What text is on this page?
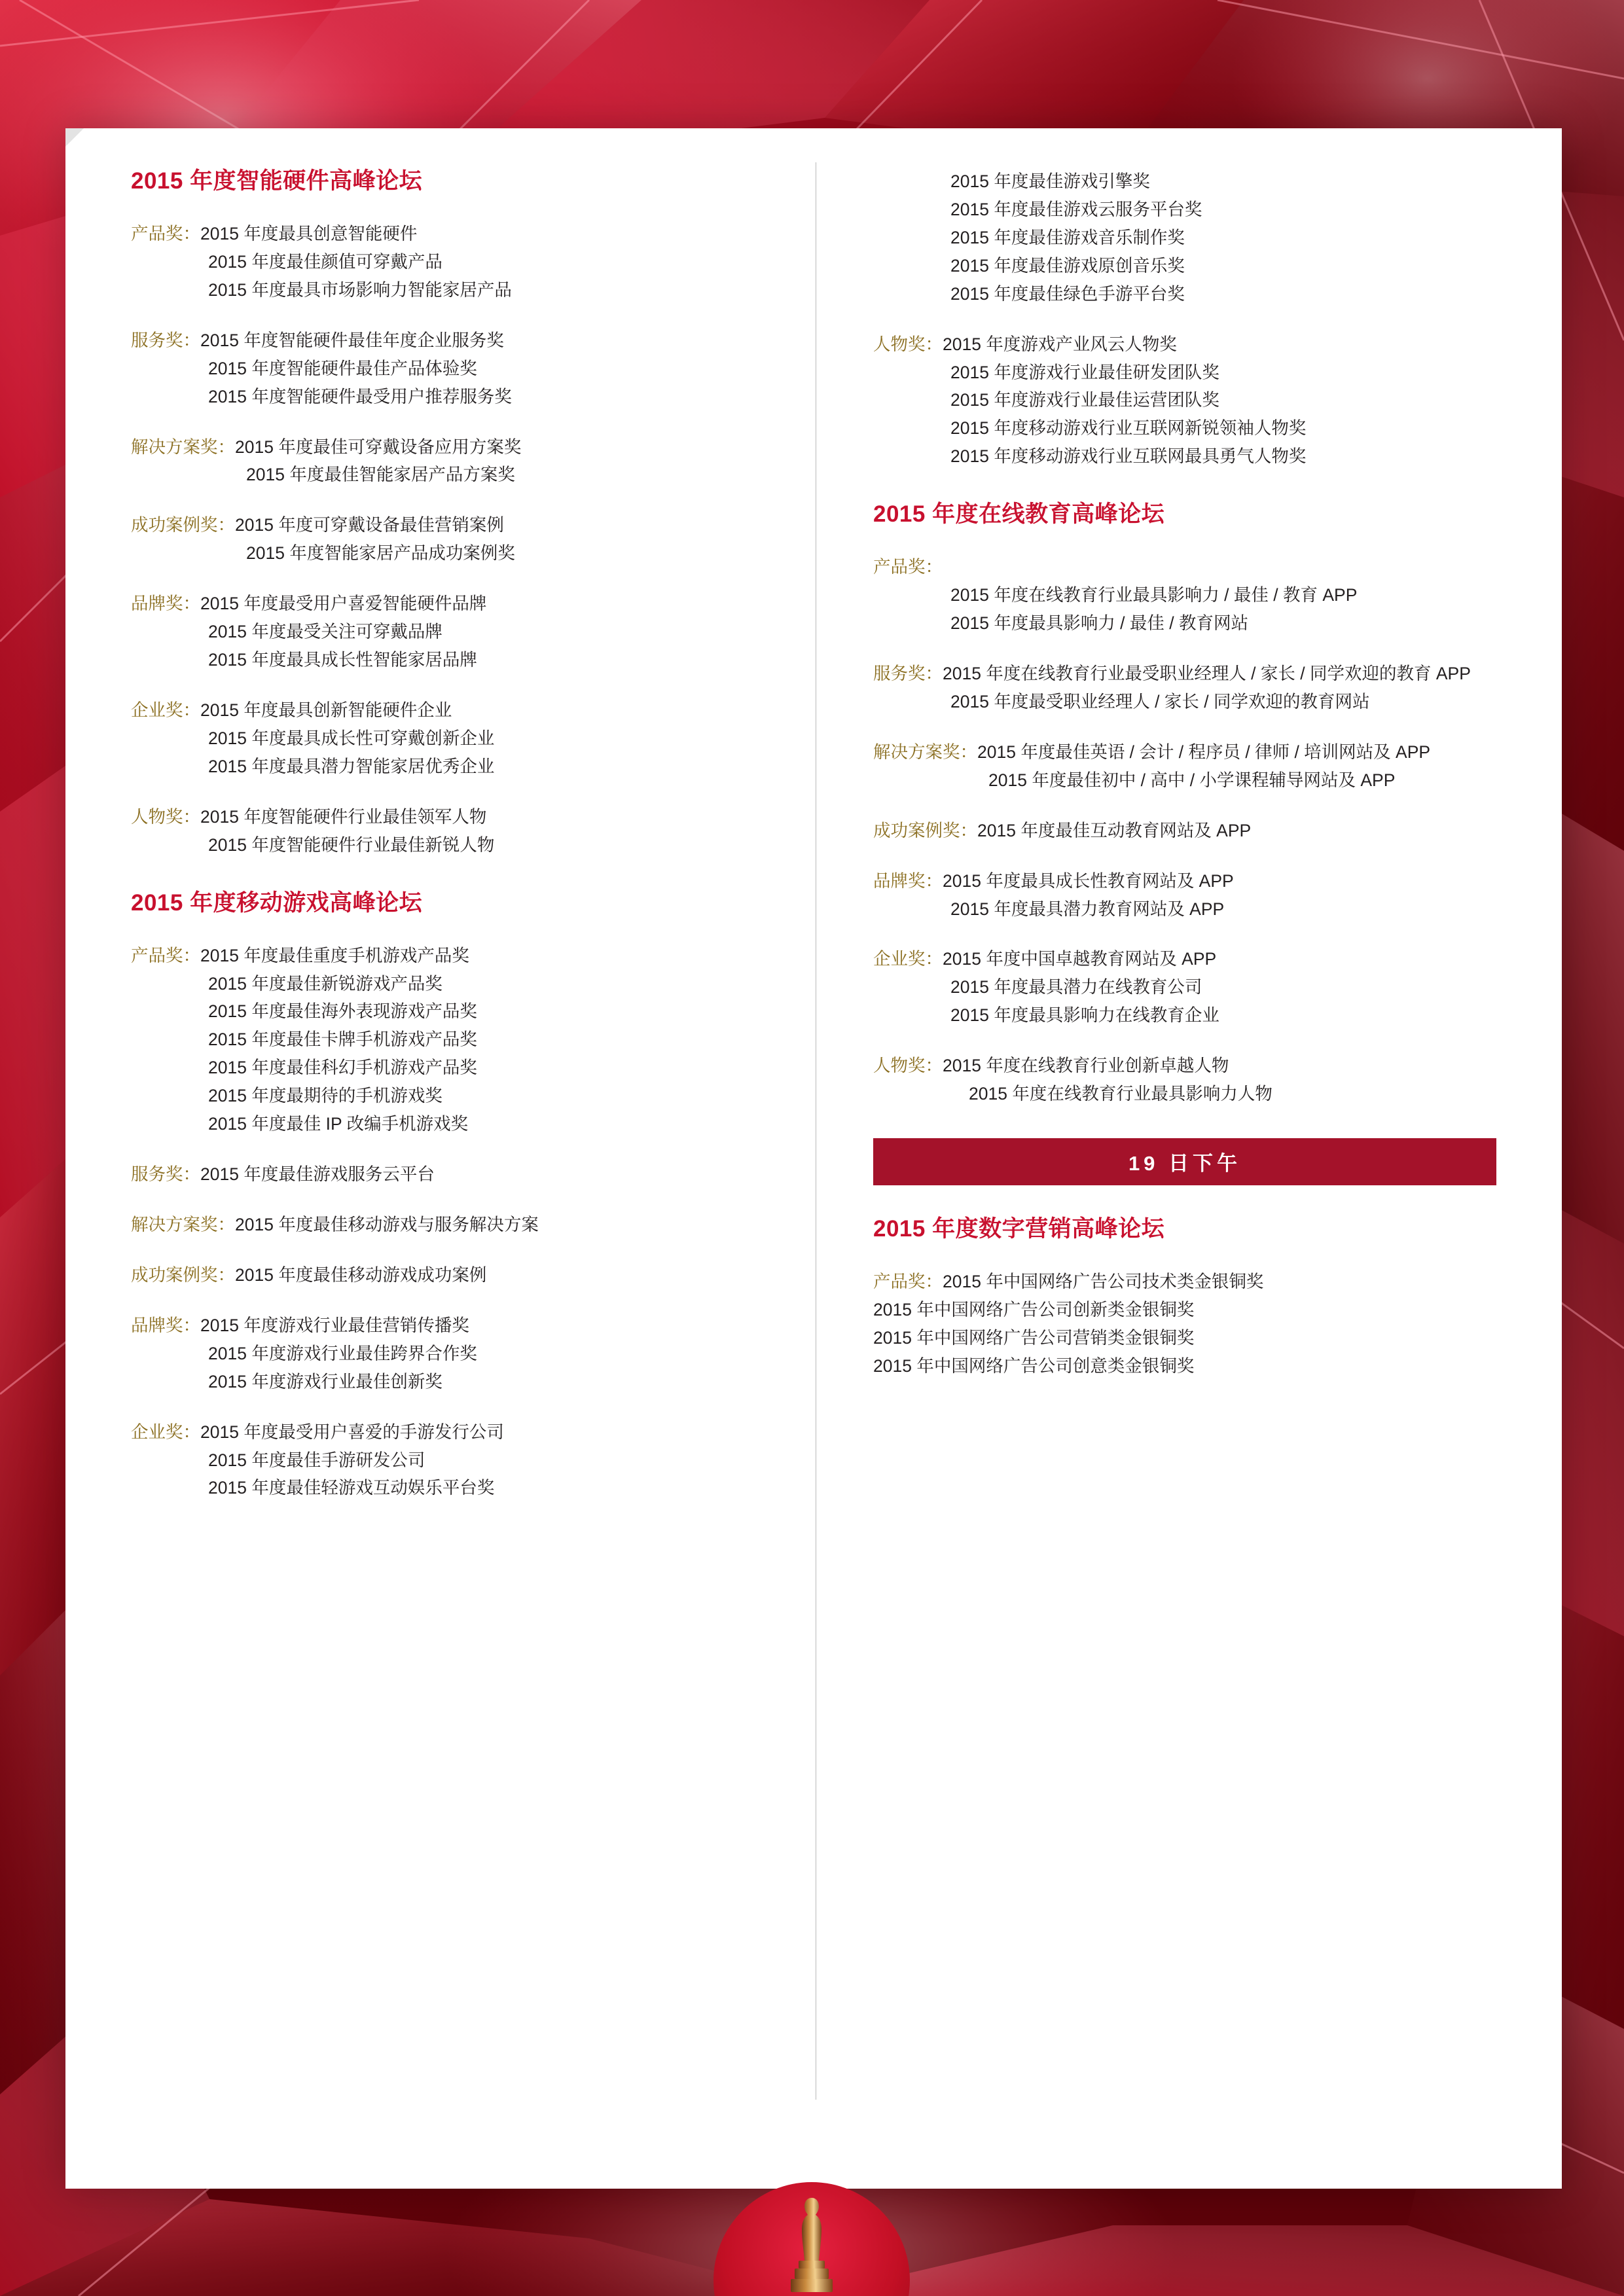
2015 年度智能硬件高峰论坛
产品奖：2015 年度最具创意智能硬件
2015 年度最佳颜值可穿戴产品
2015 年度最具市场影响力智能家居产品
服务奖：2015 年度智能硬件最佳年度企业服务奖
2015 年度智能硬件最佳产品体验奖
2015 年度智能硬件最受用户推荐服务奖
解决方案奖：2015 年度最佳可穿戴设备应用方案奖
2015 年度最佳智能家居产品方案奖
成功案例奖：2015 年度可穿戴设备最佳营销案例
2015 年度智能家居产品成功案例奖
品牌奖：2015 年度最受用户喜爱智能硬件品牌
2015 年度最受关注可穿戴品牌
2015 年度最具成长性智能家居品牌
企业奖：2015 年度最具创新智能硬件企业
2015 年度最具成长性可穿戴创新企业
2015 年度最具潜力智能家居优秀企业
人物奖：2015 年度智能硬件行业最佳领军人物
2015 年度智能硬件行业最佳新锐人物
2015 年度移动游戏高峰论坛
产品奖：2015 年度最佳重度手机游戏产品奖
2015 年度最佳新锐游戏产品奖
2015 年度最佳海外表现游戏产品奖
2015 年度最佳卡牌手机游戏产品奖
2015 年度最佳科幻手机游戏产品奖
2015 年度最期待的手机游戏奖
2015 年度最佳 IP 改编手机游戏奖
服务奖：2015 年度最佳游戏服务云平台
解决方案奖：2015 年度最佳移动游戏与服务解决方案
成功案例奖：2015 年度最佳移动游戏成功案例
品牌奖：2015 年度游戏行业最佳营销传播奖
2015 年度游戏行业最佳跨界合作奖
2015 年度游戏行业最佳创新奖
企业奖：2015 年度最受用户喜爱的手游发行公司
2015 年度最佳手游研发公司
2015 年度最佳轻游戏互动娱乐平台奖
2015 年度最佳游戏引擎奖
2015 年度最佳游戏云服务平台奖
2015 年度最佳游戏音乐制作奖
2015 年度最佳游戏原创音乐奖
2015 年度最佳绿色手游平台奖
人物奖：2015 年度游戏产业风云人物奖
2015 年度游戏行业最佳研发团队奖
2015 年度游戏行业最佳运营团队奖
2015 年度移动游戏行业互联网新锐领袖人物奖
2015 年度移动游戏行业互联网最具勇气人物奖
2015 年度在线教育高峰论坛
产品奖：
2015 年度在线教育行业最具影响力 / 最佳 / 教育 APP
2015 年度最具影响力 / 最佳 / 教育网站
服务奖：2015 年度在线教育行业最受职业经理人 / 家长 / 同学欢迎的教育 APP
2015 年度最受职业经理人 / 家长 / 同学欢迎的教育网站
解决方案奖：2015 年度最佳英语 / 会计 / 程序员 / 律师 / 培训网站及 APP
2015 年度最佳初中 / 高中 / 小学课程辅导网站及 APP
成功案例奖：2015 年度最佳互动教育网站及 APP
品牌奖：2015 年度最具成长性教育网站及 APP
2015 年度最具潜力教育网站及 APP
企业奖：2015 年度中国卓越教育网站及 APP
2015 年度最具潜力在线教育公司
2015 年度最具影响力在线教育企业
人物奖：2015 年度在线教育行业创新卓越人物
2015 年度在线教育行业最具影响力人物
19 日下午
2015 年度数字营销高峰论坛
产品奖：2015 年中国网络广告公司技术类金银铜奖
2015 年中国网络广告公司创新类金银铜奖
2015 年中国网络广告公司营销类金银铜奖
2015 年中国网络广告公司创意类金银铜奖
